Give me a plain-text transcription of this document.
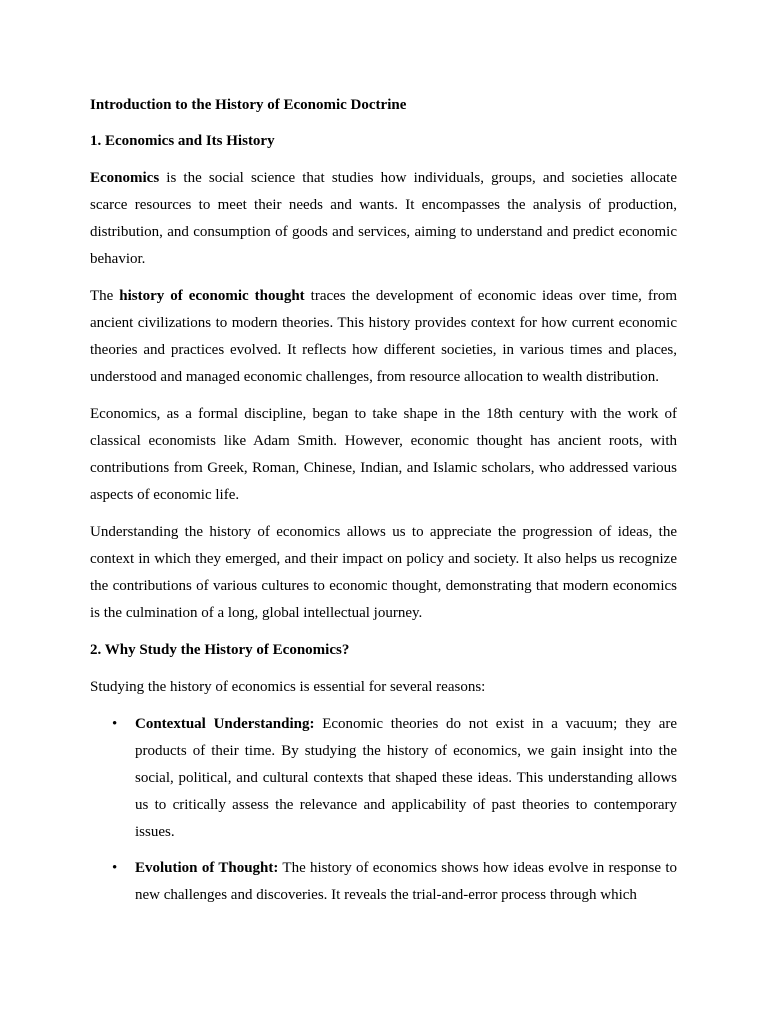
Introduction to the History of Economic Doctrine
1. Economics and Its History
Economics is the social science that studies how individuals, groups, and societies allocate scarce resources to meet their needs and wants. It encompasses the analysis of production, distribution, and consumption of goods and services, aiming to understand and predict economic behavior.
The history of economic thought traces the development of economic ideas over time, from ancient civilizations to modern theories. This history provides context for how current economic theories and practices evolved. It reflects how different societies, in various times and places, understood and managed economic challenges, from resource allocation to wealth distribution.
Economics, as a formal discipline, began to take shape in the 18th century with the work of classical economists like Adam Smith. However, economic thought has ancient roots, with contributions from Greek, Roman, Chinese, Indian, and Islamic scholars, who addressed various aspects of economic life.
Understanding the history of economics allows us to appreciate the progression of ideas, the context in which they emerged, and their impact on policy and society. It also helps us recognize the contributions of various cultures to economic thought, demonstrating that modern economics is the culmination of a long, global intellectual journey.
2. Why Study the History of Economics?
Studying the history of economics is essential for several reasons:
• Contextual Understanding: Economic theories do not exist in a vacuum; they are products of their time. By studying the history of economics, we gain insight into the social, political, and cultural contexts that shaped these ideas. This understanding allows us to critically assess the relevance and applicability of past theories to contemporary issues.
• Evolution of Thought: The history of economics shows how ideas evolve in response to new challenges and discoveries. It reveals the trial-and-error process through which
